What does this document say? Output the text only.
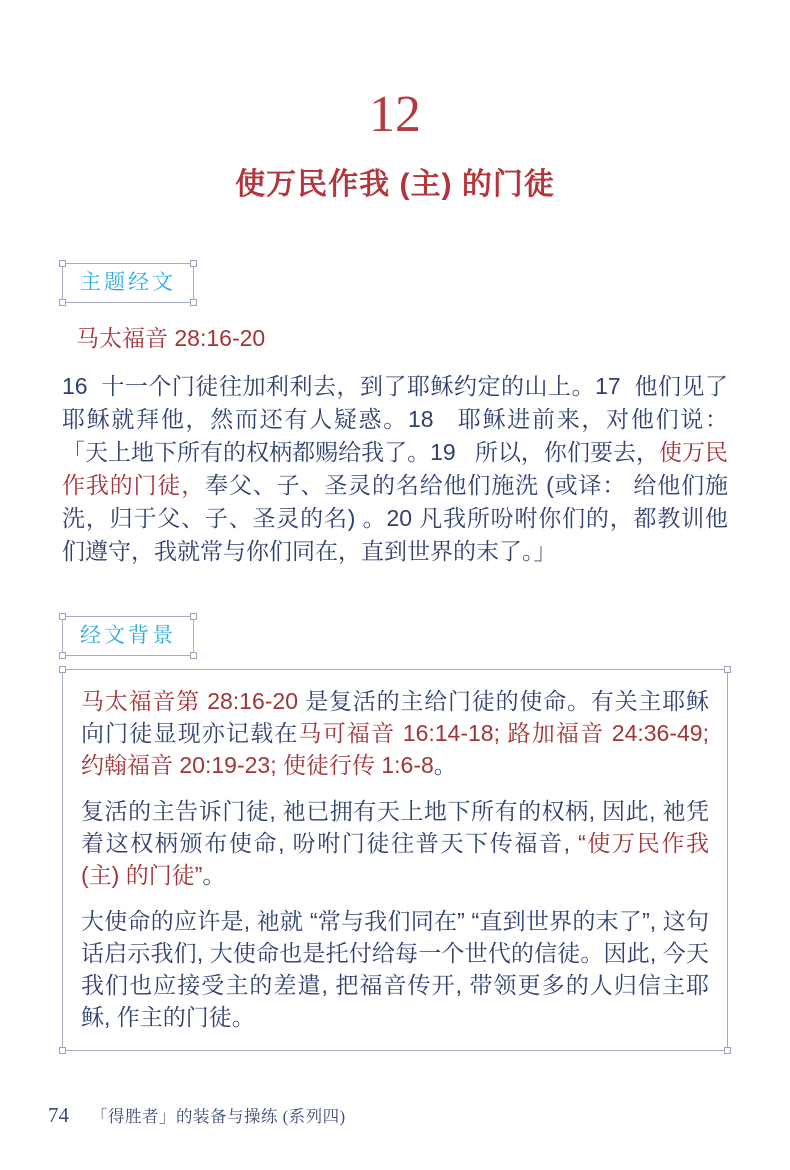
12
使万民作我 (主) 的门徒
主题经文
马太福音 28:16-20

16  十一个门徒往加利利去，到了耶稣约定的山上。17  他们见了耶稣就拜他，然而还有人疑惑。18   耶稣进前来，对他们说： 「天上地下所有的权柄都赐给我了。19   所以，你们要去，使万民作我的门徒，奉父、子、圣灵的名给他们施洗 (或译： 给他们施洗，归于父、子、圣灵的名) 。20 凡我所吩咐你们的，都教训他们遵守，我就常与你们同在，直到世界的末了。」

经文背景

马太福音第 28:16-20 是复活的主给门徒的使命。有关主耶稣向门徒显现亦记载在马可福音 16:14-18; 路加福音 24:36-49; 约翰福音 20:19-23; 使徒行传 1:6-8。

复活的主告诉门徒, 祂已拥有天上地下所有的权柄, 因此, 祂凭着这权柄颁布使命, 吩咐门徒往普天下传福音, “使万民作我 (主) 的门徒”。

大使命的应许是, 祂就 “常与我们同在” “直到世界的末了”, 这句话启示我们, 大使命也是托付给每一个世代的信徒。因此, 今天我们也应接受主的差遣, 把福音传开, 带领更多的人归信主耶稣, 作主的门徒。

74 「得胜者」的装备与操练 (系列四)
